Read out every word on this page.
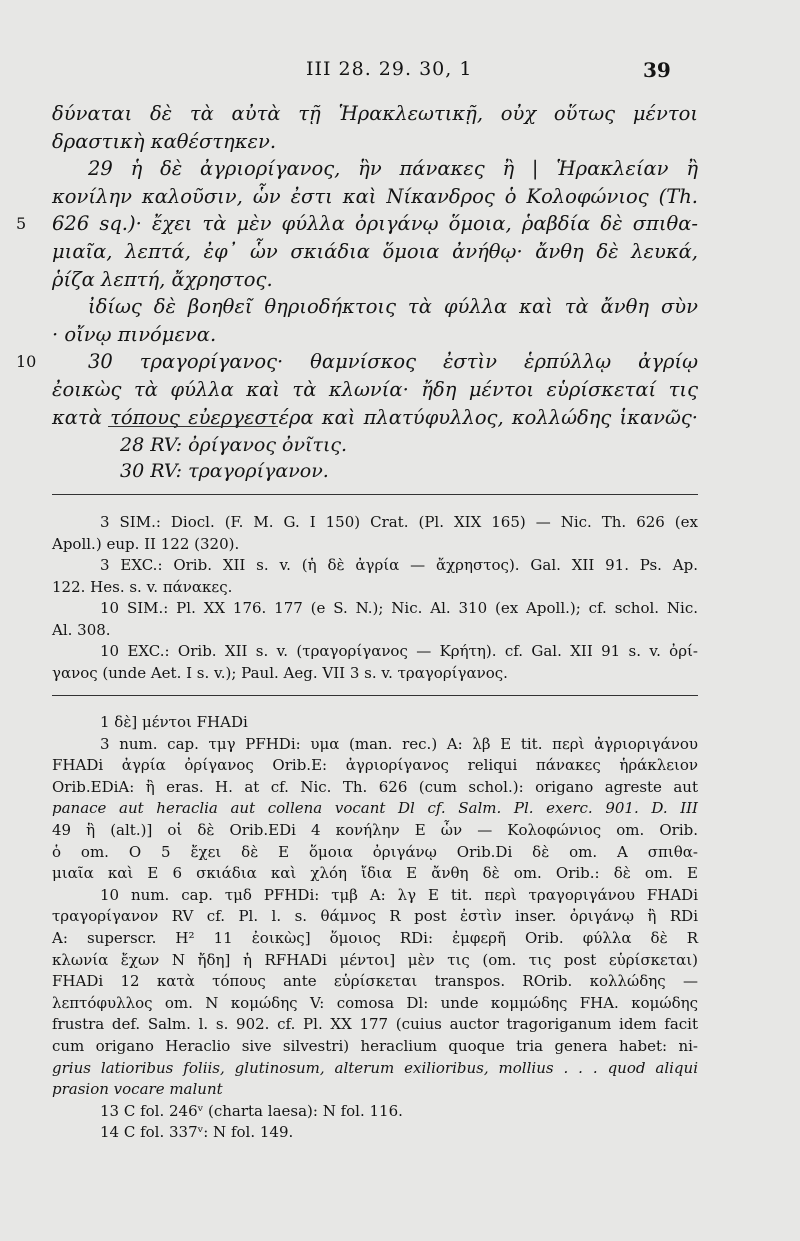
III 28. 29. 30, 1	39
δύναται δὲ τὰ αὐτὰ τῇ Ἡρακλεωτικῇ, οὐχ οὕτως μέντοι
δραστικὴ καθέστηκεν.
29 ἡ δὲ ἀγριορίγανος, ἣν πάνακες ἢ | Ἡρακλείαν ἢ
κονίλην καλοῦσιν, ὧν ἐστι καὶ Νίκανδρος ὁ Κολοφώνιος (Th.
5 626 sq.)· ἔχει τὰ μὲν φύλλα ὀριγάνῳ ὅμοια, ῥαβδία δὲ σπιθα-
μιαῖα, λεπτά, ἐφ᾽ ὧν σκιάδια ὅμοια ἀνήθῳ· ἄνθη δὲ λευκά,
ῥίζα λεπτή, ἄχρηστος.
ἰδίως δὲ βοηθεῖ θηριοδήκτοις τὰ φύλλα καὶ τὰ ἄνθη σὺν
· οἴνῳ πινόμενα.
10	30 τραγορίγανος· θαμνίσκος ἐστὶν ἑρπύλλῳ ἀγρίῳ
ἐοικὼς τὰ φύλλα καὶ τὰ κλωνία· ἤδη μέντοι εὑρίσκεταί τις
κατὰ τόπους εὐεργεστέρα καὶ πλατύφυλλος, κολλώδης ἱκανῶς·
28 RV: ὀρίγανος ὀνῖτις.
30 RV: τραγορίγανον.
3 SIM.: Diocl. (F. M. G. I 150) Crat. (Pl. XIX 165) — Nic. Th. 626 (ex
Apoll.) eup. II 122 (320).
3 EXC.: Orib. XII s. v. (ἡ δὲ ἀγρία — ἄχρηστος). Gal. XII 91. Ps. Ap.
122. Hes. s. v. πάνακες.
10 SIM.: Pl. XX 176. 177 (e S. N.); Nic. Al. 310 (ex Apoll.); cf. schol. Nic.
Al. 308.
10 EXC.: Orib. XII s. v. (τραγορίγανος — Κρήτη). cf. Gal. XII 91 s. v. ὀρί-
γανος (unde Aet. I s. v.); Paul. Aeg. VII 3 s. v. τραγορίγανος.
1 δὲ] μέντοι FHADi
3 num. cap. τμγ PFHDi: υμα (man. rec.) A: λβ E tit. περὶ ἀγριοριγάνου
FHADi ἀγρία ὀρίγανος Orib.E: ἀγριορίγανος reliqui πάνακες ἡράκλειον
Orib.EDiA: ἢ eras. H. at cf. Nic. Th. 626 (cum schol.): origano agreste aut
panace aut heraclia aut collena vocant Dl cf. Salm. Pl. exerc. 901. D. III
49 ἣ (alt.)] οἱ δὲ Orib.EDi 4 κονήλην E ὧν — Κολοφώνιος om. Orib.
ὁ om. O 5 ἔχει δὲ E ὅμοια ὀριγάνῳ Orib.Di δὲ om. A σπιθα-
μιαῖα καὶ E 6 σκιάδια καὶ χλόη ἴδια E ἄνθη δὲ om. Orib.: δὲ om. E
10 num. cap. τμδ PFHDi: τμβ A: λγ E tit. περὶ τραγοριγάνου FHADi
τραγορίγανον RV cf. Pl. l. s. θάμνος R post ἐστὶν inser. ὀριγάνῳ ἢ RDi
A: superscr. H² 11 ἐοικὼς] ὅμοιος RDi: ἐμφερῆ Orib. φύλλα δὲ R
κλωνία ἔχων N ἤδη] ἡ RFHADi μέντοι] μὲν τις (om. τις post εὑρίσκεται)
FHADi 12 κατὰ τόπους ante εὑρίσκεται transpos. ROrib. κολλώδης —
λεπτόφυλλος om. N κομώδης V: comosa Dl: unde κομμώδης FHA. κομώδης
frustra def. Salm. l. s. 902. cf. Pl. XX 177 (cuius auctor tragoriganum idem facit
cum origano Heraclio sive silvestri) heraclium quoque tria genera habet: ni-
grius latioribus foliis, glutinosum, alterum exilioribus, mollius . . . quod aliqui
prasion vocare malunt
13 C fol. 246ᵛ (charta laesa): N fol. 116.
14 C fol. 337ᵛ: N fol. 149.
